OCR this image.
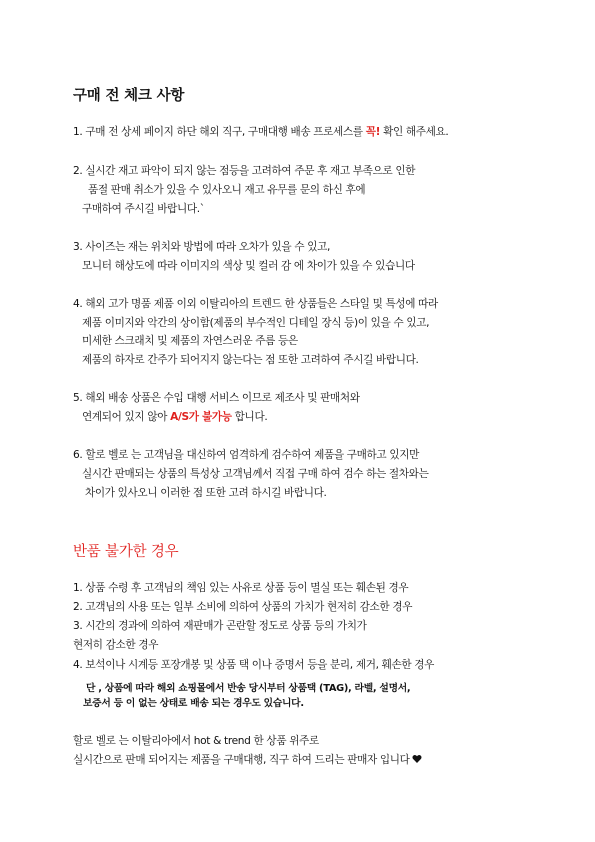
구매 전 체크 사항
1. 구매 전 상세 페이지 하단 해외 직구, 구매대행 배송 프로세스를 꼭! 확인 해주세요.
2. 실시간 재고 파악이 되지 않는 점등을 고려하여 주문 후 재고 부족으로 인한
품절 판매 취소가 있을 수 있사오니 재고 유무를 문의 하신 후에
구매하여 주시길 바랍니다.`
3. 사이즈는 재는 위치와 방법에 따라 오차가 있을 수 있고,
모니터 해상도에 따라 이미지의 색상 및 컬러 감 에 차이가 있을 수 있습니다
4. 해외 고가 명품 제품 이외 이탈리아의 트렌드 한 상품들은 스타일 및 특성에 따라
제품 이미지와 악간의 상이함(제품의 부수적인 디테일 장식 등)이 있을 수 있고,
미세한 스크래치 및 제품의 자연스러운 주름 등은
제품의 하자로 간주가 되어지지 않는다는 점 또한 고려하여 주시길 바랍니다.
5. 해외 배송 상품은 수입 대행 서비스 이므로 제조사 및 판매처와
연계되어 있지 않아 A/S가 불가능 합니다.
6. 할로 벨로 는 고객님을 대신하여 엄격하게 검수하여 제품을 구매하고 있지만
실시간 판매되는 상품의 특성상 고객님께서 직접 구매 하여 검수 하는 절차와는
차이가 있사오니 이러한 점 또한 고려 하시길 바랍니다.
반품 불가한 경우
1. 상품 수령 후 고객님의 책임 있는 사유로 상품 등이 멸실 또는 훼손된 경우
2. 고객님의 사용 또는 일부 소비에 의하여 상품의 가치가 현저히 감소한 경우
3. 시간의 경과에 의하여 재판매가 곤란할 정도로 상품 등의 가치가
현저히 감소한 경우
4. 보석이나 시계등 포장개봉 및 상품 택 이나 증명서 등을 분리, 제거, 훼손한 경우
단 , 상품에 따라 해외 쇼핑몰에서 반송 당시부터 상품택 (TAG), 라벨, 설명서,
보증서 등 이 없는 상태로 배송 되는 경우도 있습니다.
할로 벨로 는 이탈리아에서 hot & trend 한 상품 위주로
실시간으로 판매 되어지는 제품을 구매대행, 직구 하여 드리는 판매자 입니다
